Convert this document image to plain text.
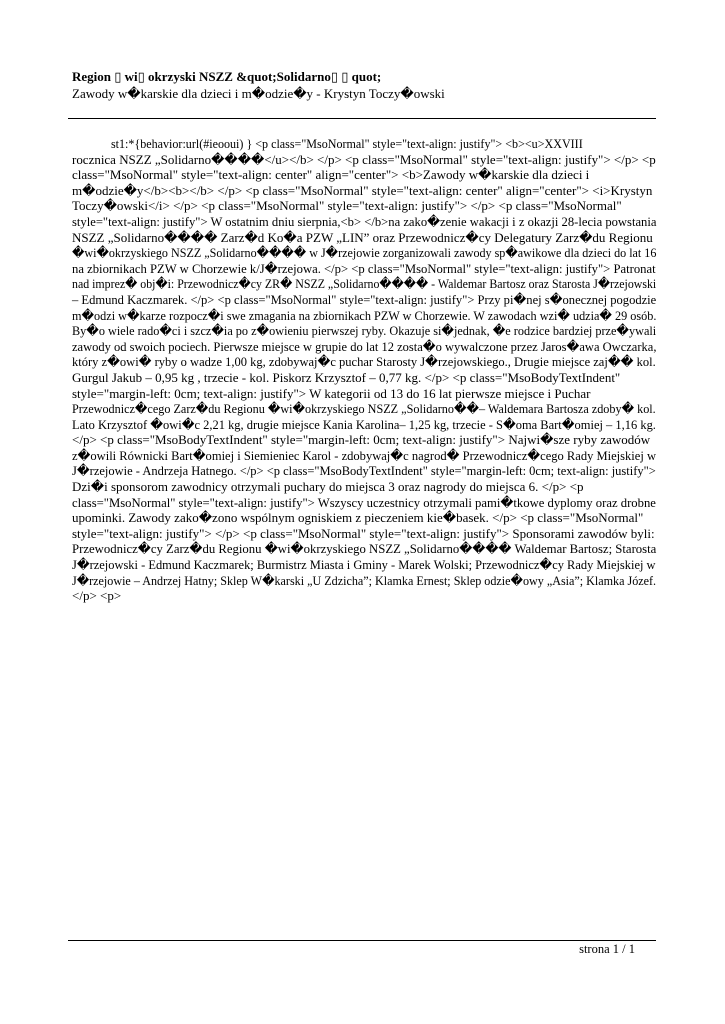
Region ▯ wi▯ okrzyski NSZZ &quot;Solidarno▯ ▯ quot;
Zawody w�karskie dla dzieci i m�odzie�y - Krystyn Toczy�owski
st1:*{behavior:url(#ieooui) } <p class="MsoNormal" style="text-align: justify"> <b><u>XXVIII
rocznica NSZZ „Solidarno����</u></b> </p> <p class="MsoNormal" style="text-align: justify"> </p> <p
class="MsoNormal" style="text-align: center" align="center"> <b>Zawody w�karskie dla dzieci i
m�odzie�y</b><b></b> </p> <p class="MsoNormal" style="text-align: center" align="center"> <i>Krystyn
Toczy�owski</i> </p> <p class="MsoNormal" style="text-align: justify"> </p> <p class="MsoNormal"
style="text-align: justify"> W ostatnim dniu sierpnia,<b> </b>na zako�zenie wakacji i z okazji 28-lecia powstania
NSZZ „Solidarno���� Zarz�d Ko�a PZW „LIN” oraz Przewodnicz�cy Delegatury Zarz�du Regionu
�wi�okrzyskiego NSZZ „Solidarno���� w J�rzejowie zorganizowali zawody sp�awikowe dla dzieci do lat 16
na zbiornikach PZW w Chorzewie k/J�rzejowa. </p> <p class="MsoNormal" style="text-align: justify"> Patronat
nad imprez� obj�i: Przewodnicz�cy ZR� NSZZ „Solidarno���� - Waldemar Bartosz oraz Starosta J�rzejowski
– Edmund Kaczmarek. </p> <p class="MsoNormal" style="text-align: justify"> Przy pi�nej s�onecznej pogodzie
m�odzi w�karze rozpocz�i swe zmagania na zbiornikach PZW w Chorzewie. W zawodach wzi� udzia� 29 osób.
By�o wiele rado�ci i szcz�ia po z�owieniu pierwszej ryby. Okazuje si�jednak, �e rodzice bardziej prze�ywali
zawody od swoich pociech. Pierwsze miejsce w grupie do lat 12 zosta�o wywalczone przez Jaros�awa Owczarka,
który z�owi� ryby o wadze 1,00 kg, zdobywaj�c puchar Starosty J�rzejowskiego., Drugie miejsce zaj�� kol.
Gurgul Jakub – 0,95 kg , trzecie - kol. Piskorz Krzysztof – 0,77 kg. </p> <p class="MsoBodyTextIndent"
style="margin-left: 0cm; text-align: justify"> W kategorii od 13 do 16 lat pierwsze miejsce i Puchar
Przewodnicz�cego Zarz�du Regionu �wi�okrzyskiego NSZZ „Solidarno��– Waldemara Bartosza zdoby� kol.
Lato Krzysztof �owi�c 2,21 kg, drugie miejsce Kania Karolina– 1,25 kg, trzecie - S�oma Bart�omiej – 1,16 kg.
</p> <p class="MsoBodyTextIndent" style="margin-left: 0cm; text-align: justify"> Najwi�sze ryby zawodów
z�owili Równicki Bart�omiej i Siemieniec Karol - zdobywaj�c nagrod� Przewodnicz�cego Rady Miejskiej w
J�rzejowie - Andrzeja Hatnego. </p> <p class="MsoBodyTextIndent" style="margin-left: 0cm; text-align: justify">
Dzi�i sponsorom zawodnicy otrzymali puchary do miejsca 3 oraz nagrody do miejsca 6. </p> <p
class="MsoNormal" style="text-align: justify"> Wszyscy uczestnicy otrzymali pami�tkowe dyplomy oraz drobne
upominki. Zawody zako�zono wspólnym ogniskiem z pieczeniem kie�basek. </p> <p class="MsoNormal"
style="text-align: justify"> </p> <p class="MsoNormal" style="text-align: justify"> Sponsorami zawodów byli:
Przewodnicz�cy Zarz�du Regionu �wi�okrzyskiego NSZZ „Solidarno���� Waldemar Bartosz; Starosta
J�rzejowski - Edmund Kaczmarek; Burmistrz Miasta i Gminy - Marek Wolski; Przewodnicz�cy Rady Miejskiej w
J�rzejowie – Andrzej Hatny; Sklep W�karski „U Zdzicha”; Klamka Ernest; Sklep odzie�owy „Asia”; Klamka Józef.
</p> <p>
strona 1 / 1
